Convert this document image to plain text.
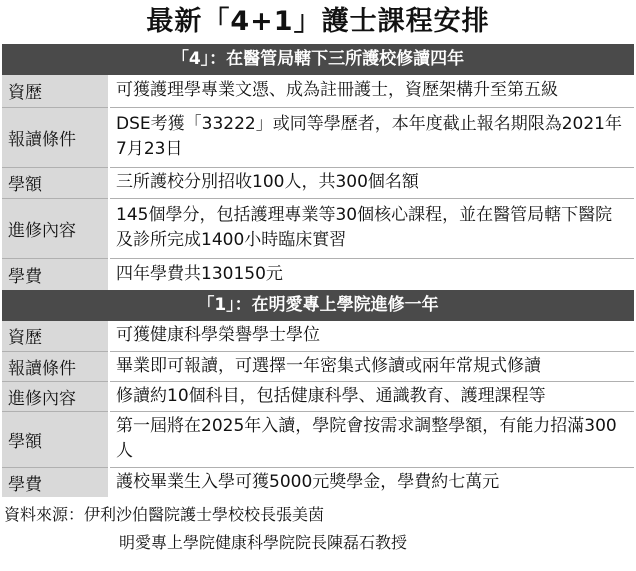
最新「4+1」護士課程安排
「4」：在醫管局轄下三所護校修讀四年
資歷	可獲護理學專業文憑、成為註冊護士，資歷架構升至第五級
報讀條件	DSE考獲「33222」或同等學歷者，本年度截止報名期限為2021年7月23日
學額	三所護校分別招收100人，共300個名額
進修內容	145個學分，包括護理專業等30個核心課程，並在醫管局轄下醫院及診所完成1400小時臨床實習
學費	四年學費共130150元
「1」：在明愛專上學院進修一年
資歷	可獲健康科學榮譽學士學位
報讀條件	畢業即可報讀，可選擇一年密集式修讀或兩年常規式修讀
進修內容	修讀約10個科目，包括健康科學、通識教育、護理課程等
學額	第一屆將在2025年入讀，學院會按需求調整學額，有能力招滿300人
學費	護校畢業生入學可獲5000元獎學金，學費約七萬元
資料來源：伊利沙伯醫院護士學校校長張美茵
明愛專上學院健康科學院院長陳磊石教授
